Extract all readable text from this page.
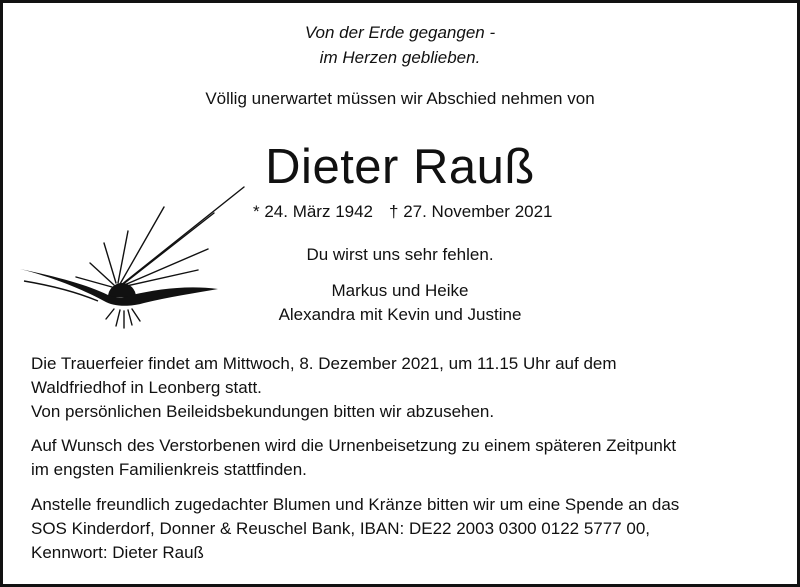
Von der Erde gegangen -
im Herzen geblieben.
Völlig unerwartet müssen wir Abschied nehmen von
Dieter Rauß
* 24. März 1942 † 27. November 2021
Du wirst uns sehr fehlen.
Markus und Heike
Alexandra mit Kevin und Justine
Die Trauerfeier findet am Mittwoch, 8. Dezember 2021, um 11.15 Uhr auf dem
Waldfriedhof in Leonberg statt.
Von persönlichen Beileidsbekundungen bitten wir abzusehen.
Auf Wunsch des Verstorbenen wird die Urnenbeisetzung zu einem späteren Zeitpunkt
im engsten Familienkreis stattfinden.
Anstelle freundlich zugedachter Blumen und Kränze bitten wir um eine Spende an das
SOS Kinderdorf, Donner & Reuschel Bank, IBAN: DE22 2003 0300 0122 5777 00,
Kennwort: Dieter Rauß
